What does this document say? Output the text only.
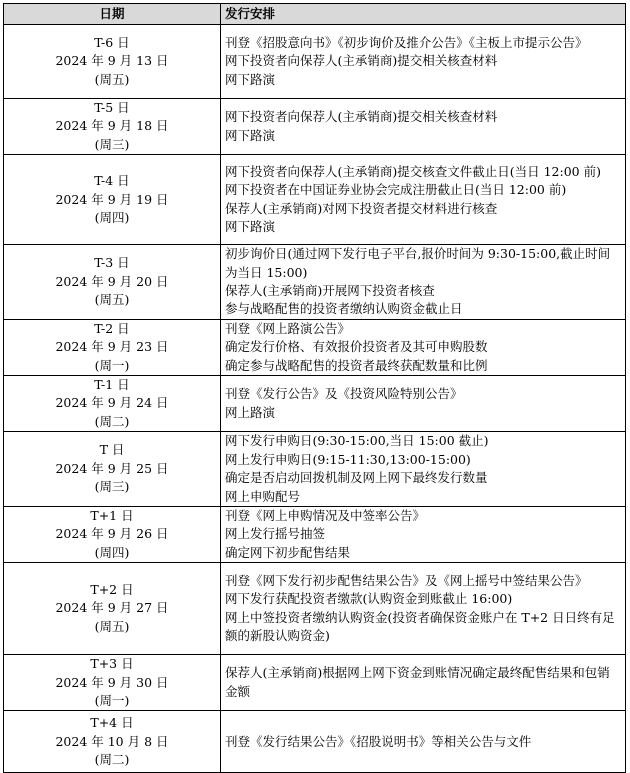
日期	发行安排

T-6 日
2024 年 9 月 13 日
(周五)	刊登《招股意向书》《初步询价及推介公告》《主板上市提示公告》
网下投资者向保荐人(主承销商)提交相关核查材料
网下路演

T-5 日
2024 年 9 月 18 日
(周三)	网下投资者向保荐人(主承销商)提交相关核查材料
网下路演

T-4 日
2024 年 9 月 19 日
(周四)	网下投资者向保荐人(主承销商)提交核查文件截止日(当日 12:00 前)
网下投资者在中国证券业协会完成注册截止日(当日 12:00 前)
保荐人(主承销商)对网下投资者提交材料进行核查
网下路演

T-3 日
2024 年 9 月 20 日
(周五)	初步询价日(通过网下发行电子平台,报价时间为 9:30-15:00,截止时间为当日 15:00)
保荐人(主承销商)开展网下投资者核查
参与战略配售的投资者缴纳认购资金截止日

T-2 日
2024 年 9 月 23 日
(周一)	刊登《网上路演公告》
确定发行价格、有效报价投资者及其可申购股数
确定参与战略配售的投资者最终获配数量和比例

T-1 日
2024 年 9 月 24 日
(周二)	刊登《发行公告》及《投资风险特别公告》
网上路演

T 日
2024 年 9 月 25 日
(周三)	网下发行申购日(9:30-15:00,当日 15:00 截止)
网上发行申购日(9:15-11:30,13:00-15:00)
确定是否启动回拨机制及网上网下最终发行数量
网上申购配号

T+1 日
2024 年 9 月 26 日
(周四)	刊登《网上申购情况及中签率公告》
网上发行摇号抽签
确定网下初步配售结果

T+2 日
2024 年 9 月 27 日
(周五)	刊登《网下发行初步配售结果公告》及《网上摇号中签结果公告》
网下发行获配投资者缴款(认购资金到账截止 16:00)
网上中签投资者缴纳认购资金(投资者确保资金账户在 T+2 日日终有足额的新股认购资金)

T+3 日
2024 年 9 月 30 日
(周一)	保荐人(主承销商)根据网上网下资金到账情况确定最终配售结果和包销金额

T+4 日
2024 年 10 月 8 日
(周二)	刊登《发行结果公告》《招股说明书》等相关公告与文件
